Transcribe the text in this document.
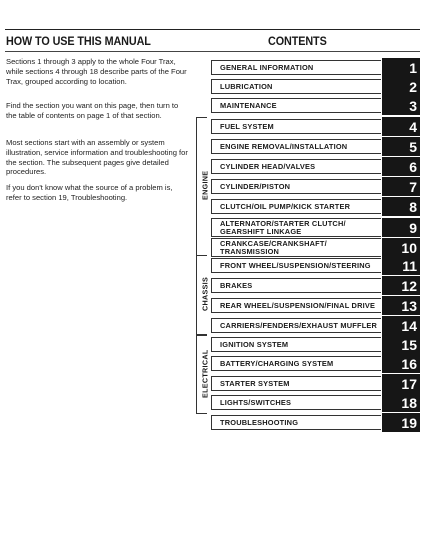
HOW TO USE THIS MANUAL	CONTENTS

Sections 1 through 3 apply to the whole Four Trax, while sections 4 through 18 describe parts of the Four Trax, grouped according to location.

Find the section you want on this page, then turn to the table of contents on page 1 of that section.

Most sections start with an assembly or system illustration, service information and troubleshooting for the section. The subsequent pages give detailed procedures.

If you don't know what the source of a problem is, refer to section 19, Troubleshooting.	ENGINE
CHASSIS
ELECTRICAL
GENERAL INFORMATION	1
LUBRICATION	2
MAINTENANCE	3
FUEL SYSTEM	4
ENGINE REMOVAL/INSTALLATION	5
CYLINDER HEAD/VALVES	6
CYLINDER/PISTON	7
CLUTCH/OIL PUMP/KICK STARTER	8
ALTERNATOR/STARTER CLUTCH/
GEARSHIFT LINKAGE	9
CRANKCASE/CRANKSHAFT/
TRANSMISSION	10
FRONT WHEEL/SUSPENSION/STEERING	11
BRAKES	12
REAR WHEEL/SUSPENSION/FINAL DRIVE	13
CARRIERS/FENDERS/EXHAUST MUFFLER	14
IGNITION SYSTEM	15
BATTERY/CHARGING SYSTEM	16
STARTER SYSTEM	17
LIGHTS/SWITCHES	18
TROUBLESHOOTING	19
